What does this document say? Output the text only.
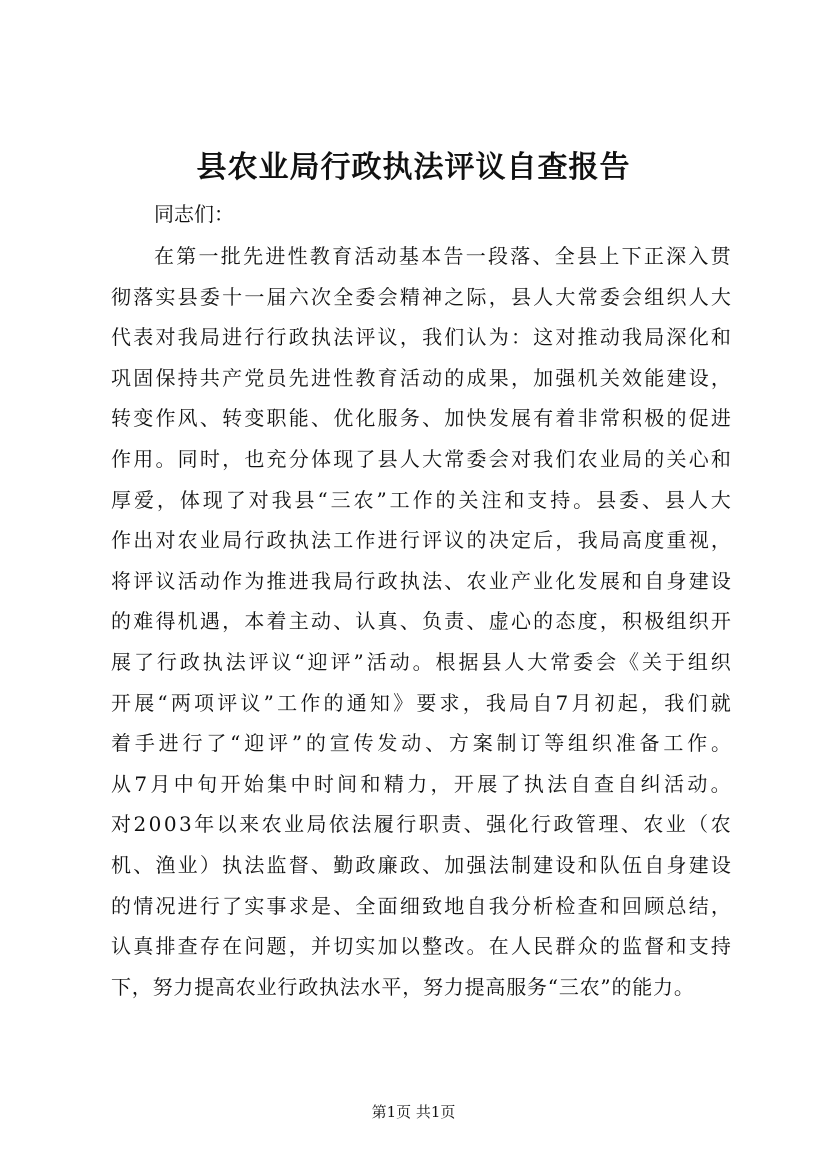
县农业局行政执法评议自查报告
同志们：
在 第 一 批 先 进 性 教 育 活 动 基 本 告 一 段 落 、 全 县 上 下 正 深 入 贯
彻 落 实 县 委 十 一 届 六 次 全 委 会 精 神 之 际 ， 县 人 大 常 委 会 组 织 人 大
代 表 对 我 局 进 行 行 政 执 法 评 议 ， 我 们 认 为 ： 这 对 推 动 我 局 深 化 和
巩 固 保 持 共 产 党 员 先 进 性 教 育 活 动 的 成 果 ， 加 强 机 关 效 能 建 设 ，
转 变 作 风 、 转 变 职 能 、 优 化 服 务 、 加 快 发 展 有 着 非 常 积 极 的 促 进
作 用 。 同 时 ， 也 充 分 体 现 了 县 人 大 常 委 会 对 我 们 农 业 局 的 关 心 和
厚 爱 ， 体 现 了 对 我 县 “ 三 农 ” 工 作 的 关 注 和 支 持 。 县 委 、 县 人 大
作 出 对 农 业 局 行 政 执 法 工 作 进 行 评 议 的 决 定 后 ， 我 局 高 度 重 视 ，
将 评 议 活 动 作 为 推 进 我 局 行 政 执 法 、 农 业 产 业 化 发 展 和 自 身 建 设
的 难 得 机 遇 ， 本 着 主 动 、 认 真 、 负 责 、 虚 心 的 态 度 ， 积 极 组 织 开
展 了 行 政 执 法 评 议 “ 迎 评 ” 活 动 。 根 据 县 人 大 常 委 会 《 关 于 组 织
开 展 “ 两 项 评 议 ” 工 作 的 通 知 》 要 求 ， 我 局 自 7 月 初 起 ， 我 们 就
着 手 进 行 了 “ 迎 评 ” 的 宣 传 发 动 、 方 案 制 订 等 组 织 准 备 工 作 。
从 7 月 中 旬 开 始 集 中 时 间 和 精 力 ， 开 展 了 执 法 自 查 自 纠 活 动 。
对 2 0 0 3 年 以 来 农 业 局 依 法 履 行 职 责 、 强 化 行 政 管 理 、 农 业 （ 农
机 、 渔 业 ） 执 法 监 督 、 勤 政 廉 政 、 加 强 法 制 建 设 和 队 伍 自 身 建 设
的 情 况 进 行 了 实 事 求 是 、 全 面 细 致 地 自 我 分 析 检 查 和 回 顾 总 结 ，
认 真 排 查 存 在 问 题 ， 并 切 实 加 以 整 改 。 在 人 民 群 众 的 监 督 和 支 持
下，努力提高农业行政执法水平，努力提高服务“三农”的能力。
第1页 共1页
